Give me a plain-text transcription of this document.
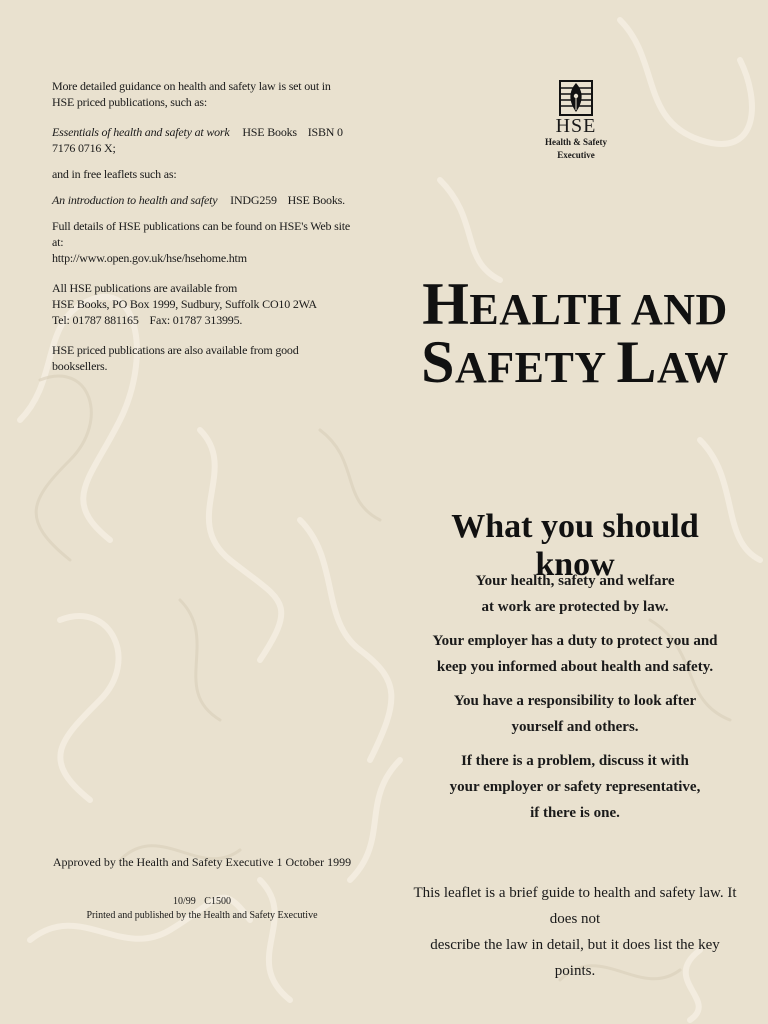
More detailed guidance on health and safety law is set out in HSE priced publications, such as:

Essentials of health and safety at work HSE Books ISBN 0 7176 0716 X;

and in free leaflets such as:

An introduction to health and safety INDG259 HSE Books.

Full details of HSE publications can be found on HSE's Web site at:
http://www.open.gov.uk/hse/hsehome.htm

All HSE publications are available from
HSE Books, PO Box 1999, Sudbury, Suffolk CO10 2WA
Tel: 01787 881165 Fax: 01787 313995.

HSE priced publications are also available from good booksellers.

Approved by the Health and Safety Executive 1 October 1999
10/99 C1500
Printed and published by the Health and Safety Executive
HSE
Health & Safety
Executive
HEALTH AND
SAFETY LAW
What you should know

Your health, safety and welfare
at work are protected by law.

Your employer has a duty to protect you and
keep you informed about health and safety.

You have a responsibility to look after
yourself and others.

If there is a problem, discuss it with
your employer or safety representative,
if there is one.

This leaflet is a brief guide to health and safety law. It does not
describe the law in detail, but it does list the key points.
